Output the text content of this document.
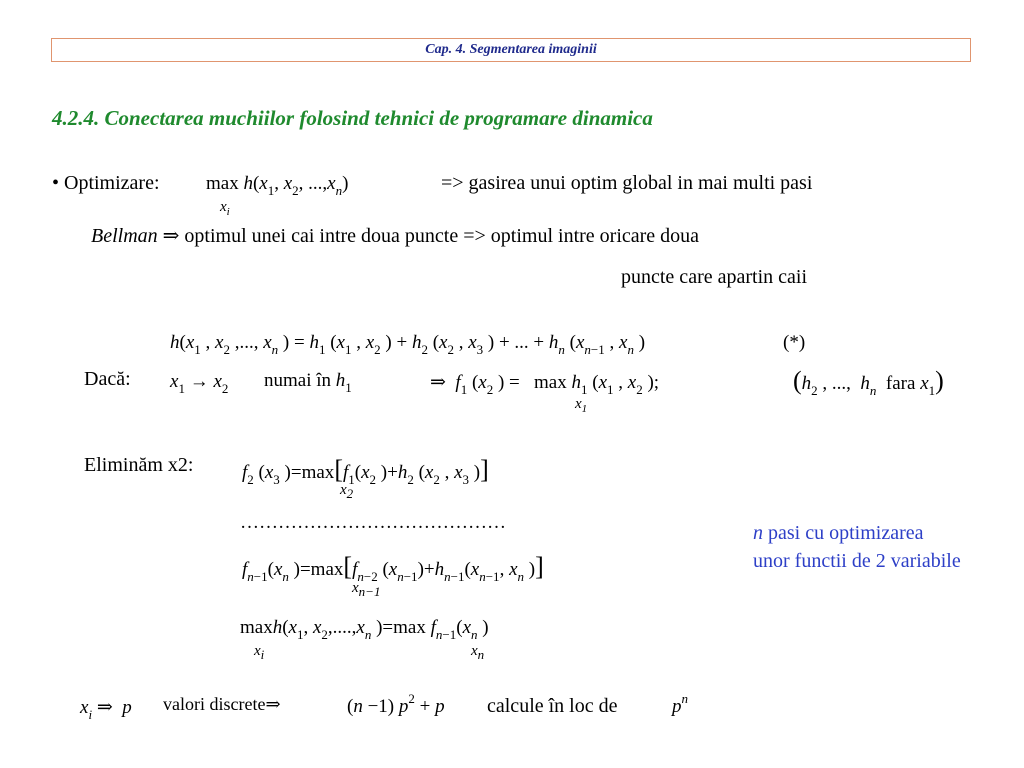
Cap. 4. Segmentarea imaginii
4.2.4. Conectarea muchiilor folosind tehnici de programare dinamica
• Optimizare: $\max h(x_1$, $x_2$, $...,x_n$)
$x_i$
=> gasirea unui optim global in mai multi pasi
Bellman ⇒ optimul unei cai intre doua puncte => optimul intre oricare doua
puncte care apartin caii
$h(x_1$ , $x_2$ ,..., $x_n$ ) = $h_1$ ($x_1$ , $x_2$ ) + $h_2$ ($x_2$ , $x_3$ ) + ... + $h_n$ ($x_{n-1}$ , $x_n$ )	(*)
Dacă: $x_1 \to x_2$ numai în $h_1$	⇒  $f_1$ ($x_2$ ) =   $\max h_1$ ($x_1$ , $x_2$ );
$x_1$
($h_2$ , ...,  $h_n$ fara $x_1$)
Eliminăm x2:	$f_2$ ($x_3$ )$=\max[f_1(x_2$ )$+h_2$ ($x_2$ , $x_3$ )]
x2
……………………………………
$f_{n-1}(x_n$ )$=\max[f_{n-2}$ $(x_{n-1})+h_{n-1}(x_{n-1}$, $x_n$ )]
xn−1
$\max h(x_1$, $x_2,....,x_n$ )=max $f_{n-1}(x_n$ )
xi	xn
n pasi cu optimizarea
unor functii de 2 variabile
$x_i$ ⇒  p valori discrete⇒	(n −1) $p^2 + p$ calcule în loc de	$p^n$
